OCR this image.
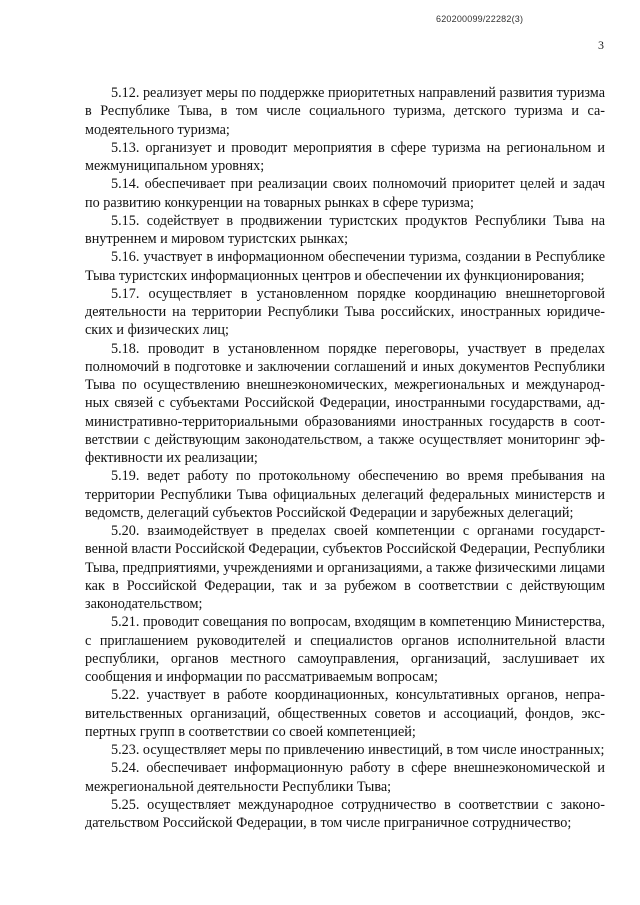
620200099/22282(3)
3

5.12. реализует меры по поддержке приоритетных направлений развития туризма в Республике Тыва, в том числе социального туризма, детского туризма и самодеятельного туризма;

5.13. организует и проводит мероприятия в сфере туризма на региональном и межмуниципальном уровнях;

5.14. обеспечивает при реализации своих полномочий приоритет целей и задач по развитию конкуренции на товарных рынках в сфере туризма;

5.15. содействует в продвижении туристских продуктов Республики Тыва на внутреннем и мировом туристских рынках;

5.16. участвует в информационном обеспечении туризма, создании в Республике Тыва туристских информационных центров и обеспечении их функционирования;

5.17. осуществляет в установленном порядке координацию внешнеторговой деятельности на территории Республики Тыва российских, иностранных юридических и физических лиц;

5.18. проводит в установленном порядке переговоры, участвует в пределах полномочий в подготовке и заключении соглашений и иных документов Республики Тыва по осуществлению внешнеэкономических, межрегиональных и международных связей с субъектами Российской Федерации, иностранными государствами, административно-территориальными образованиями иностранных государств в соответствии с действующим законодательством, а также осуществляет мониторинг эффективности их реализации;

5.19. ведет работу по протокольному обеспечению во время пребывания на территории Республики Тыва официальных делегаций федеральных министерств и ведомств, делегаций субъектов Российской Федерации и зарубежных делегаций;

5.20. взаимодействует в пределах своей компетенции с органами государственной власти Российской Федерации, субъектов Российской Федерации, Республики Тыва, предприятиями, учреждениями и организациями, а также физическими лицами как в Российской Федерации, так и за рубежом в соответствии с действующим законодательством;

5.21. проводит совещания по вопросам, входящим в компетенцию Министерства, с приглашением руководителей и специалистов органов исполнительной власти республики, органов местного самоуправления, организаций, заслушивает их сообщения и информации по рассматриваемым вопросам;

5.22. участвует в работе координационных, консультативных органов, неправительственных организаций, общественных советов и ассоциаций, фондов, экспертных групп в соответствии со своей компетенцией;

5.23. осуществляет меры по привлечению инвестиций, в том числе иностранных;

5.24. обеспечивает информационную работу в сфере внешнеэкономической и межрегиональной деятельности Республики Тыва;

5.25. осуществляет международное сотрудничество в соответствии с законодательством Российской Федерации, в том числе приграничное сотрудничество;
